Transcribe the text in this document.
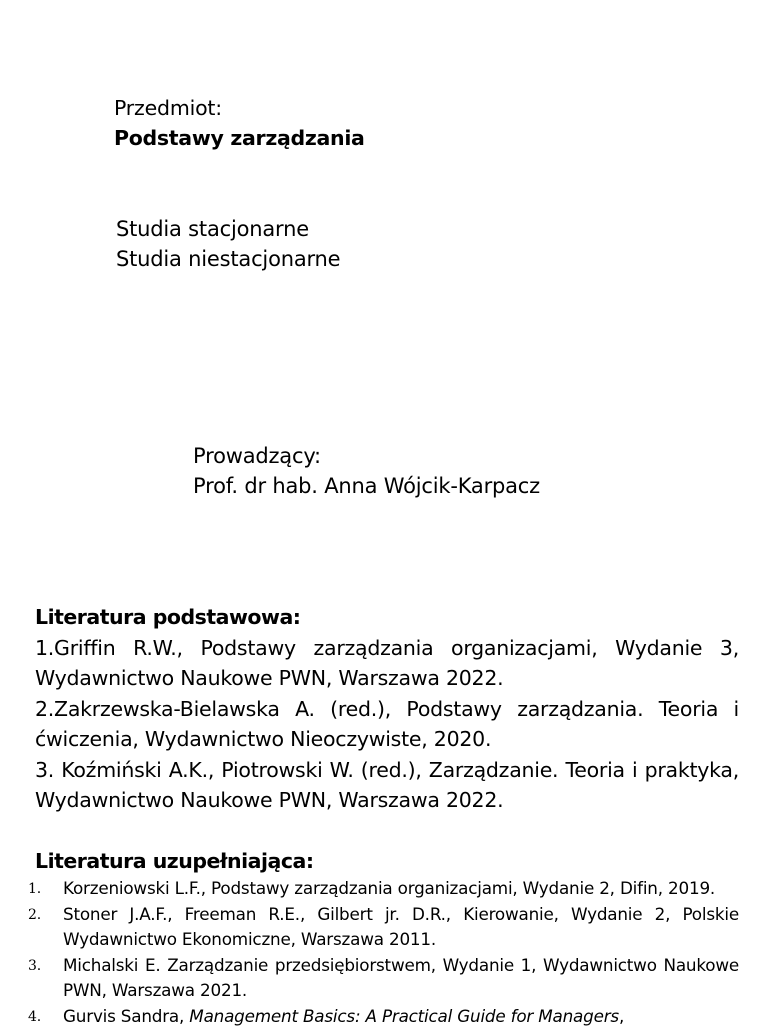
Przedmiot:
Podstawy zarządzania
Studia stacjonarne
Studia niestacjonarne
Prowadzący:
Prof. dr hab. Anna Wójcik-Karpacz
Literatura podstawowa:
1.Griffin R.W., Podstawy zarządzania organizacjami, Wydanie 3, Wydawnictwo Naukowe PWN, Warszawa 2022.
2.Zakrzewska-Bielawska A. (red.), Podstawy zarządzania. Teoria i ćwiczenia, Wydawnictwo Nieoczywiste, 2020.
3. Koźmiński A.K., Piotrowski W. (red.), Zarządzanie. Teoria i praktyka, Wydawnictwo Naukowe PWN, Warszawa 2022.
Literatura uzupełniająca:
1. Korzeniowski L.F., Podstawy zarządzania organizacjami, Wydanie 2, Difin, 2019.
2. Stoner J.A.F., Freeman R.E., Gilbert jr. D.R., Kierowanie, Wydanie 2, Polskie Wydawnictwo Ekonomiczne, Warszawa 2011.
3. Michalski E. Zarządzanie przedsiębiorstwem, Wydanie 1, Wydawnictwo Naukowe PWN, Warszawa 2021.
4. Gurvis Sandra, Management Basics: A Practical Guide for Managers,
